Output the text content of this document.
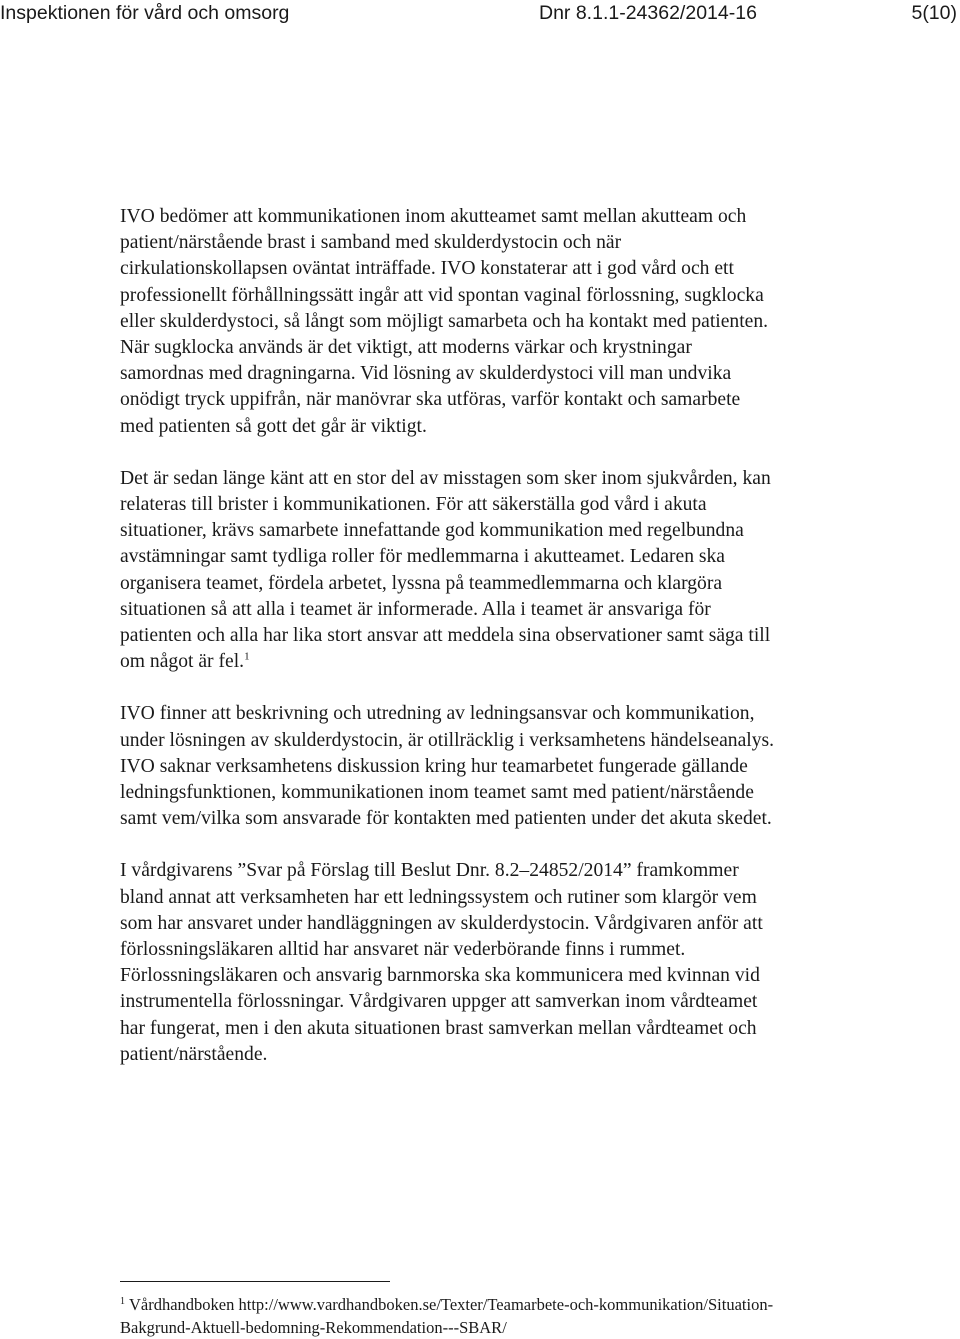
Inspektionen för vård och omsorg	Dnr 8.1.1-24362/2014-16	5(10)

IVO bedömer att kommunikationen inom akutteamet samt mellan akutteam och patient/närstående brast i samband med skulderdystocin och när cirkulationskollapsen oväntat inträffade. IVO konstaterar att i god vård och ett professionellt förhållningssätt ingår att vid spontan vaginal förlossning, sugklocka eller skulderdystoci, så långt som möjligt samarbeta och ha kontakt med patienten. När sugklocka används är det viktigt, att moderns värkar och krystningar samordnas med dragningarna. Vid lösning av skulderdystoci vill man undvika onödigt tryck uppifrån, när manövrar ska utföras, varför kontakt och samarbete med patienten så gott det går är viktigt.

Det är sedan länge känt att en stor del av misstagen som sker inom sjukvården, kan relateras till brister i kommunikationen. För att säkerställa god vård i akuta situationer, krävs samarbete innefattande god kommunikation med regelbundna avstämningar samt tydliga roller för medlemmarna i akutteamet. Ledaren ska organisera teamet, fördela arbetet, lyssna på teammedlemmarna och klargöra situationen så att alla i teamet är informerade. Alla i teamet är ansvariga för patienten och alla har lika stort ansvar att meddela sina observationer samt säga till om något är fel.$^1$

IVO finner att beskrivning och utredning av ledningsansvar och kommunikation, under lösningen av skulderdystocin, är otillräcklig i verksamhetens händelseanalys. IVO saknar verksamhetens diskussion kring hur teamarbetet fungerade gällande ledningsfunktionen, kommunikationen inom teamet samt med patient/närstående samt vem/vilka som ansvarade för kontakten med patienten under det akuta skedet.

I vårdgivarens ”Svar på Förslag till Beslut Dnr. 8.2–24852/2014” framkommer bland annat att verksamheten har ett ledningssystem och rutiner som klargör vem som har ansvaret under handläggningen av skulderdystocin. Vårdgivaren anför att förlossningsläkaren alltid har ansvaret när vederbörande finns i rummet. Förlossningsläkaren och ansvarig barnmorska ska kommunicera med kvinnan vid instrumentella förlossningar. Vårdgivaren uppger att samverkan inom vårdteamet har fungerat, men i den akuta situationen brast samverkan mellan vårdteamet och patient/närstående.

$^1$ Vårdhandboken http://www.vardhandboken.se/Texter/Teamarbete-och-kommunikation/Situation-Bakgrund-Aktuell-bedomning-Rekommendation---SBAR/
